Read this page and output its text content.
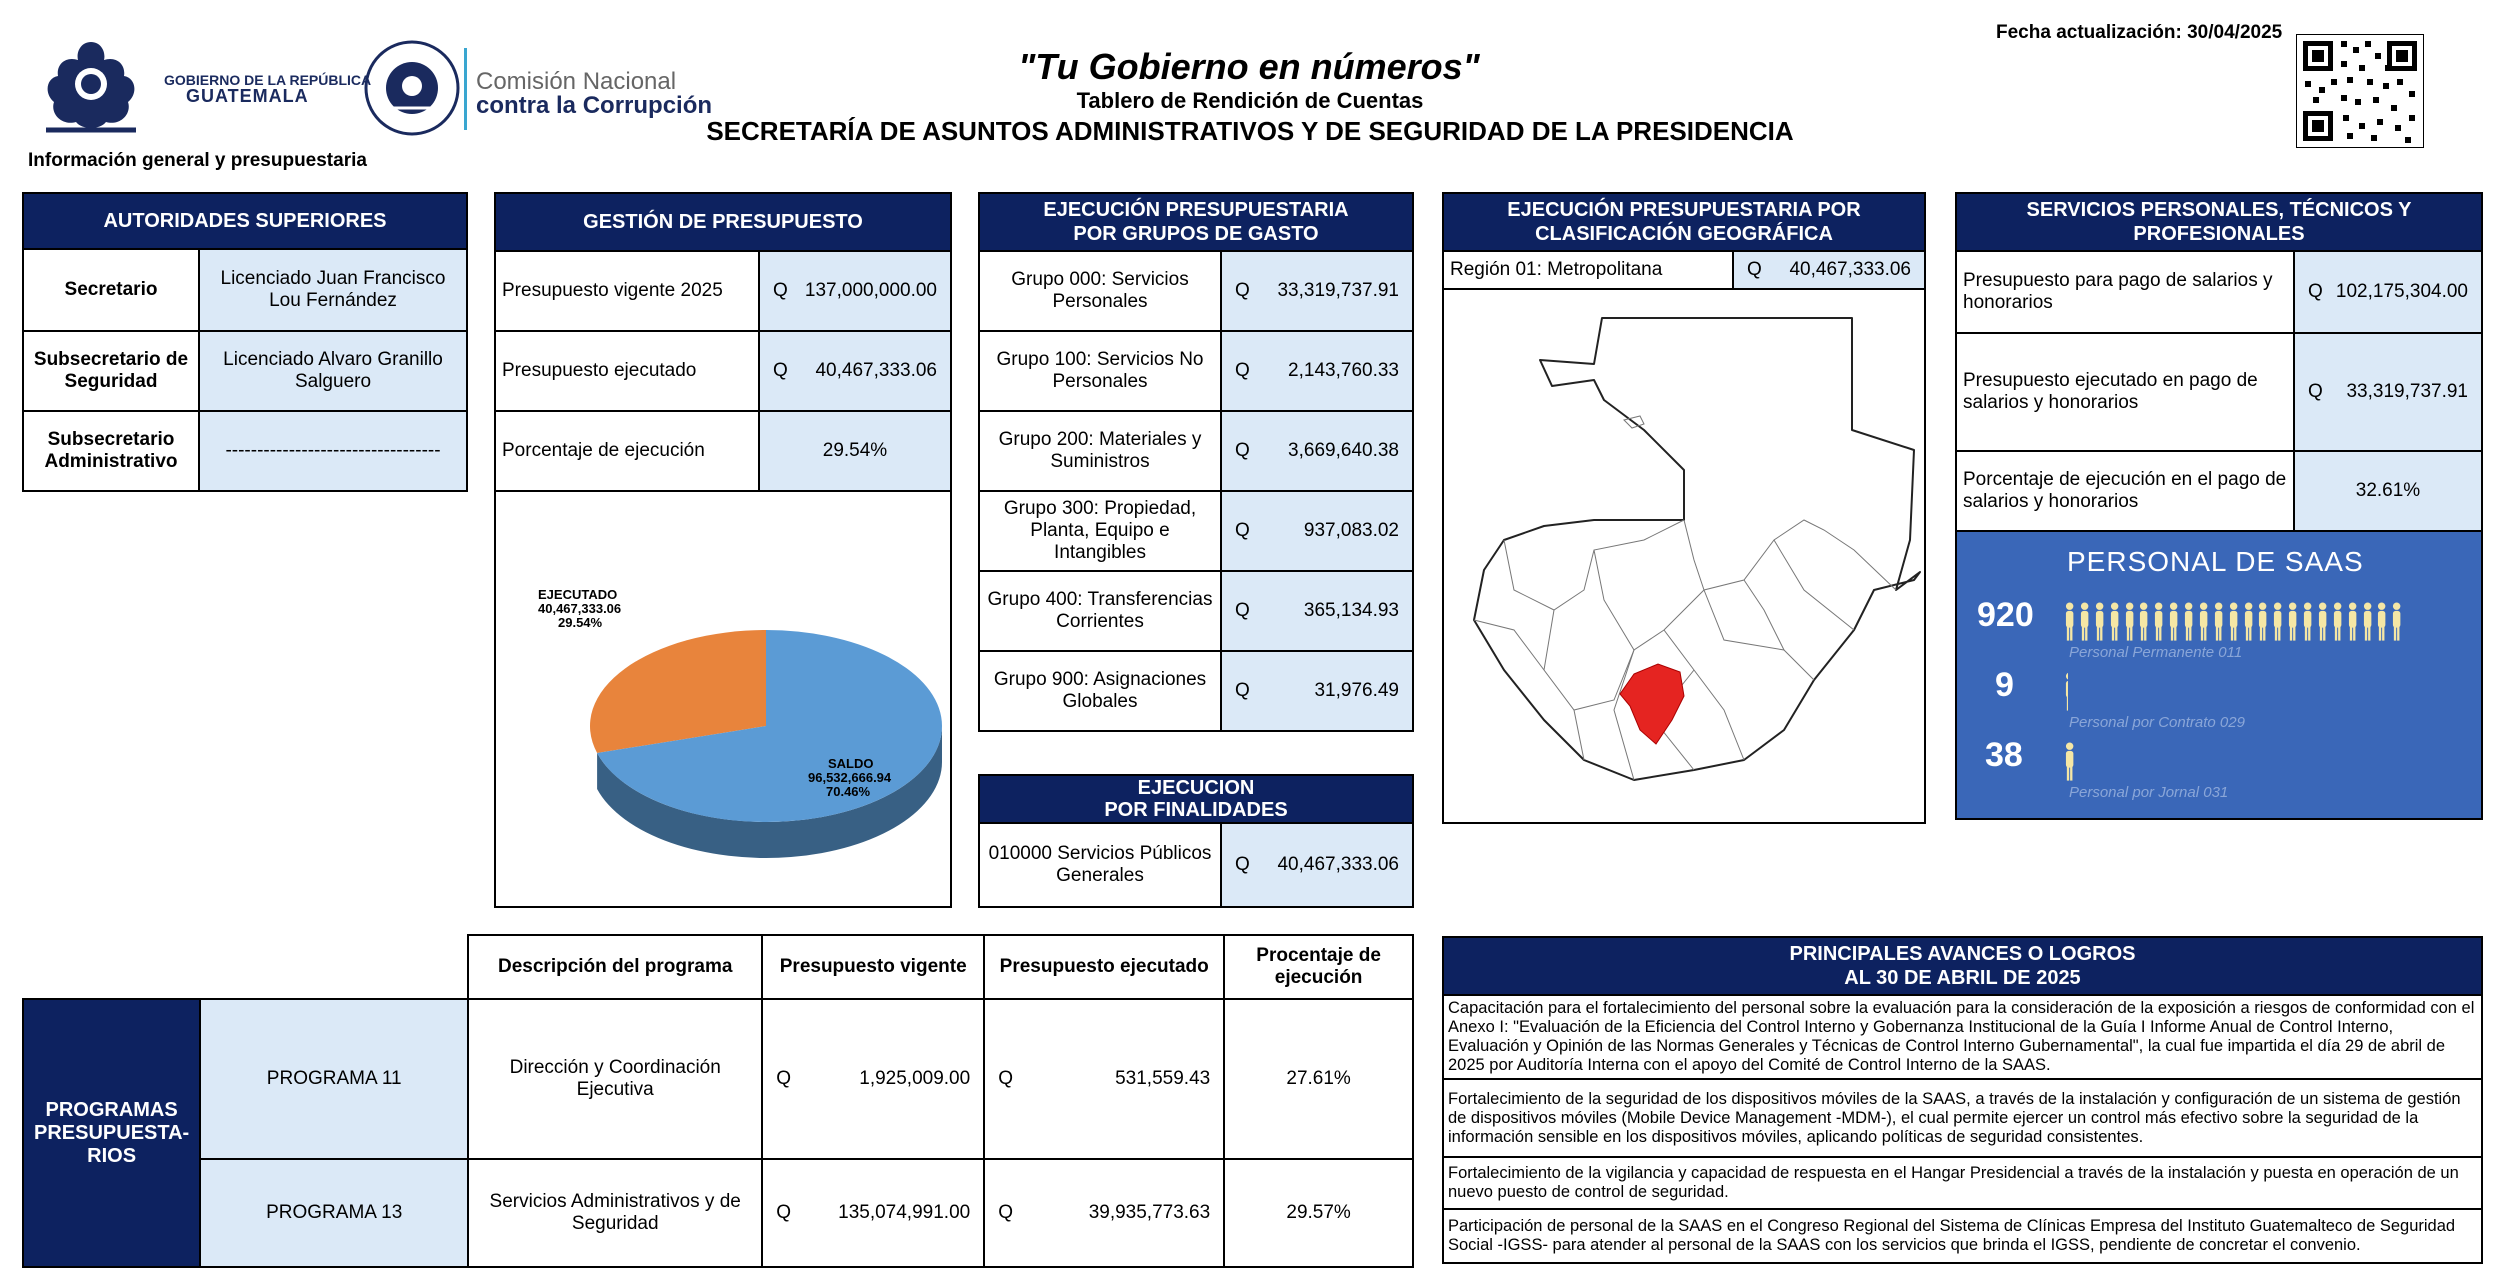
GOBIERNO DE LA REPÚBLICA
GUATEMALA
Comisión Nacional
contra la Corrupción
"Tu Gobierno en números"
Tablero de Rendición de Cuentas
SECRETARÍA DE ASUNTOS ADMINISTRATIVOS Y DE SEGURIDAD DE LA PRESIDENCIA
Fecha actualización: 30/04/2025
Información general y presupuestaria
AUTORIDADES SUPERIORES
Secretario	Licenciado Juan Francisco Lou Fernández
Subsecretario de Seguridad	Licenciado Alvaro Granillo Salguero
Subsecretario Administrativo	----------------------------------
GESTIÓN DE PRESUPUESTO
Presupuesto vigente 2025	Q 137,000,000.00

Presupuesto ejecutado	Q 40,467,333.06

Porcentaje de ejecución	29.54%
EJECUTADO
40,467,333.06
29.54%
SALDO
96,532,666.94
70.46%
EJECUCIÓN PRESUPUESTARIA
POR GRUPOS DE GASTO
Grupo 000: Servicios Personales	Q 33,319,737.91

Grupo 100: Servicios No Personales	Q 2,143,760.33

Grupo 200: Materiales y Suministros	Q 3,669,640.38

Grupo 300: Propiedad, Planta, Equipo e Intangibles	Q 937,083.02

Grupo 400: Transferencias Corrientes	Q 365,134.93

Grupo 900: Asignaciones Globales	Q 31,976.49
EJECUCION
POR FINALIDADES
010000 Servicios Públicos Generales	
Q 40,467,333.06
EJECUCIÓN PRESUPUESTARIA POR
CLASIFICACIÓN GEOGRÁFICA
Región 01: Metropolitana	Q 40,467,333.06
SERVICIOS PERSONALES, TÉCNICOS Y
PROFESIONALES
Presupuesto para pago de salarios y honorarios	Q 102,175,304.00

Presupuesto ejecutado en pago de salarios y honorarios	Q 33,319,737.91

Porcentaje de ejecución en el pago de salarios y honorarios	32.61%
PERSONAL DE SAAS
920
Personal Permanente 011
9
Personal por Contrato 029
38
Personal por Jornal 031
		Descripción del programa	Presupuesto vigente	Presupuesto ejecutado	Procentaje de ejecución
PROGRAMAS PRESUPUESTA-RIOS	PROGRAMA 11	Dirección y Coordinación Ejecutiva	Q 1,925,009.00	Q 531,559.43	27.61%
	PROGRAMA 13	Servicios Administrativos y de Seguridad	Q 135,074,991.00	Q 39,935,773.63	29.57%
PRINCIPALES AVANCES O LOGROS
AL 30 DE ABRIL DE 2025
Capacitación para el fortalecimiento del personal sobre la evaluación para la consideración de la exposición a riesgos de conformidad con el Anexo I: "Evaluación de la Eficiencia del Control Interno y Gobernanza Institucional de la Guía I Informe Anual de Control Interno, Evaluación y Opinión de las Normas Generales y Técnicas de Control Interno Gubernamental", la cual fue impartida el día 29 de abril de 2025 por Auditoría Interna con el apoyo del Comité de Control Interno de la SAAS.
Fortalecimiento de la seguridad de los dispositivos móviles de la SAAS, a través de la instalación y configuración de un sistema de gestión de dispositivos móviles (Mobile Device Management -MDM-), el cual permite ejercer un control más efectivo sobre la seguridad de la información sensible en los dispositivos móviles, aplicando políticas de seguridad consistentes.
Fortalecimiento de la vigilancia y capacidad de respuesta en el Hangar Presidencial a través de la instalación y puesta en operación de un nuevo puesto de control de seguridad.
Participación de personal de la SAAS en el Congreso Regional del Sistema de Clínicas Empresa del Instituto Guatemalteco de Seguridad Social -IGSS- para atender al personal de la SAAS con los servicios que brinda el IGSS, pendiente de concretar el convenio.
